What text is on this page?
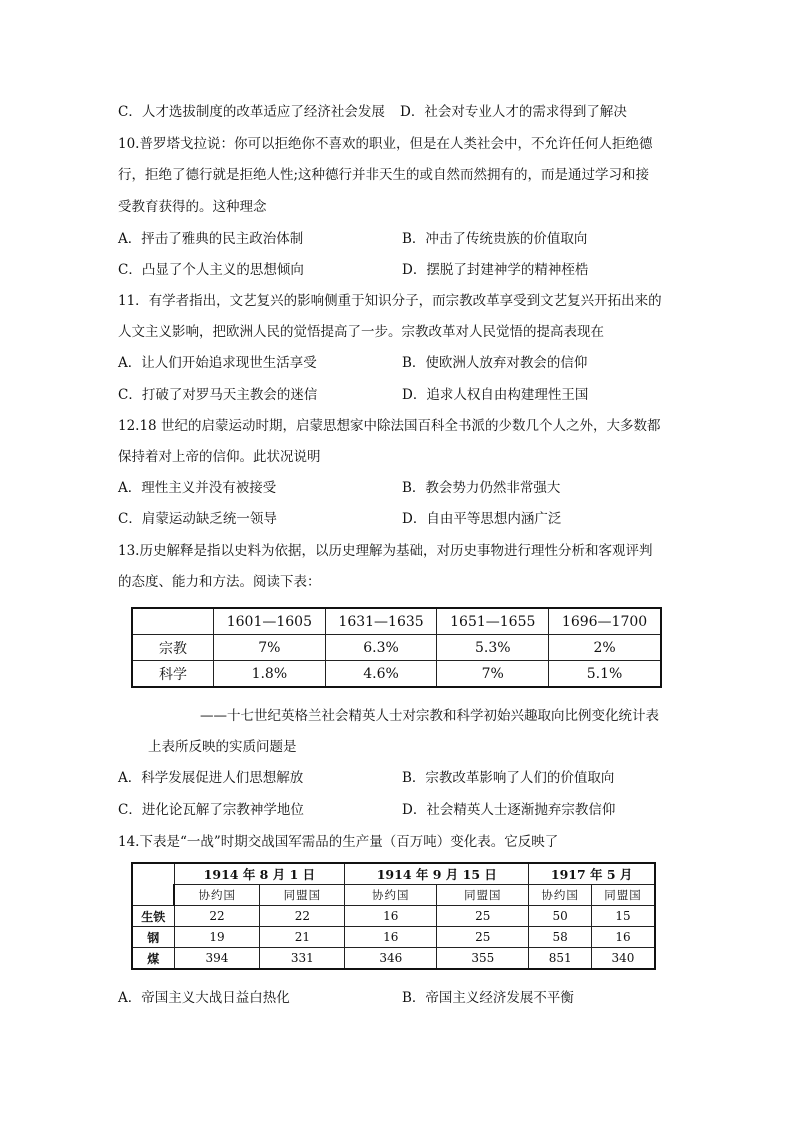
C．人才选拔制度的改革适应了经济社会发展 D．社会对专业人才的需求得到了解决
10.普罗塔戈拉说：你可以拒绝你不喜欢的职业，但是在人类社会中，不允许任何人拒绝德
行，拒绝了德行就是拒绝人性;这种德行并非天生的或自然而然拥有的，而是通过学习和接
受教育获得的。这种理念
A．抨击了雅典的民主政治体制	B．冲击了传统贵族的价值取向
C．凸显了个人主义的思想倾向	D．摆脱了封建神学的精神桎梏
11．有学者指出，文艺复兴的影响侧重于知识分子，而宗教改革享受到文艺复兴开拓出来的
人文主义影响，把欧洲人民的觉悟提高了一步。宗教改革对人民觉悟的提高表现在
A．让人们开始追求现世生活享受	B．使欧洲人放弃对教会的信仰
C．打破了对罗马天主教会的迷信	D．追求人权自由构建理性王国
12.18 世纪的启蒙运动时期，启蒙思想家中除法国百科全书派的少数几个人之外，大多数都
保持着对上帝的信仰。此状况说明
A．理性主义并没有被接受	B．教会势力仍然非常强大
C．肩蒙运动缺乏统一领导	D．自由平等思想内涵广泛
13.历史解释是指以史料为依据，以历史理解为基础，对历史事物进行理性分析和客观评判
的态度、能力和方法。阅读下表：
	1601—1605	1631—1635	1651—1655	1696—1700
宗教	7%	6.3%	5.3%	2%
科学	1.8%	4.6%	7%	5.1%
——十七世纪英格兰社会精英人士对宗教和科学初始兴趣取向比例变化统计表
上表所反映的实质问题是
A．科学发展促进人们思想解放	B．宗教改革影响了人们的价值取向
C．进化论瓦解了宗教神学地位	D．社会精英人士逐渐抛弃宗教信仰
14.下表是“一战”时期交战国军需品的生产量（百万吨）变化表。它反映了
	1914 年 8 月 1 日		1914 年 9 月 15 日		1917 年 5 月	
	协约国	同盟国	协约国	同盟国	协约国	同盟国
生铁	22	22	16	25	50	15
钢	19	21	16	25	58	16
煤	394	331	346	355	851	340
A．帝国主义大战日益白热化	B．帝国主义经济发展不平衡
